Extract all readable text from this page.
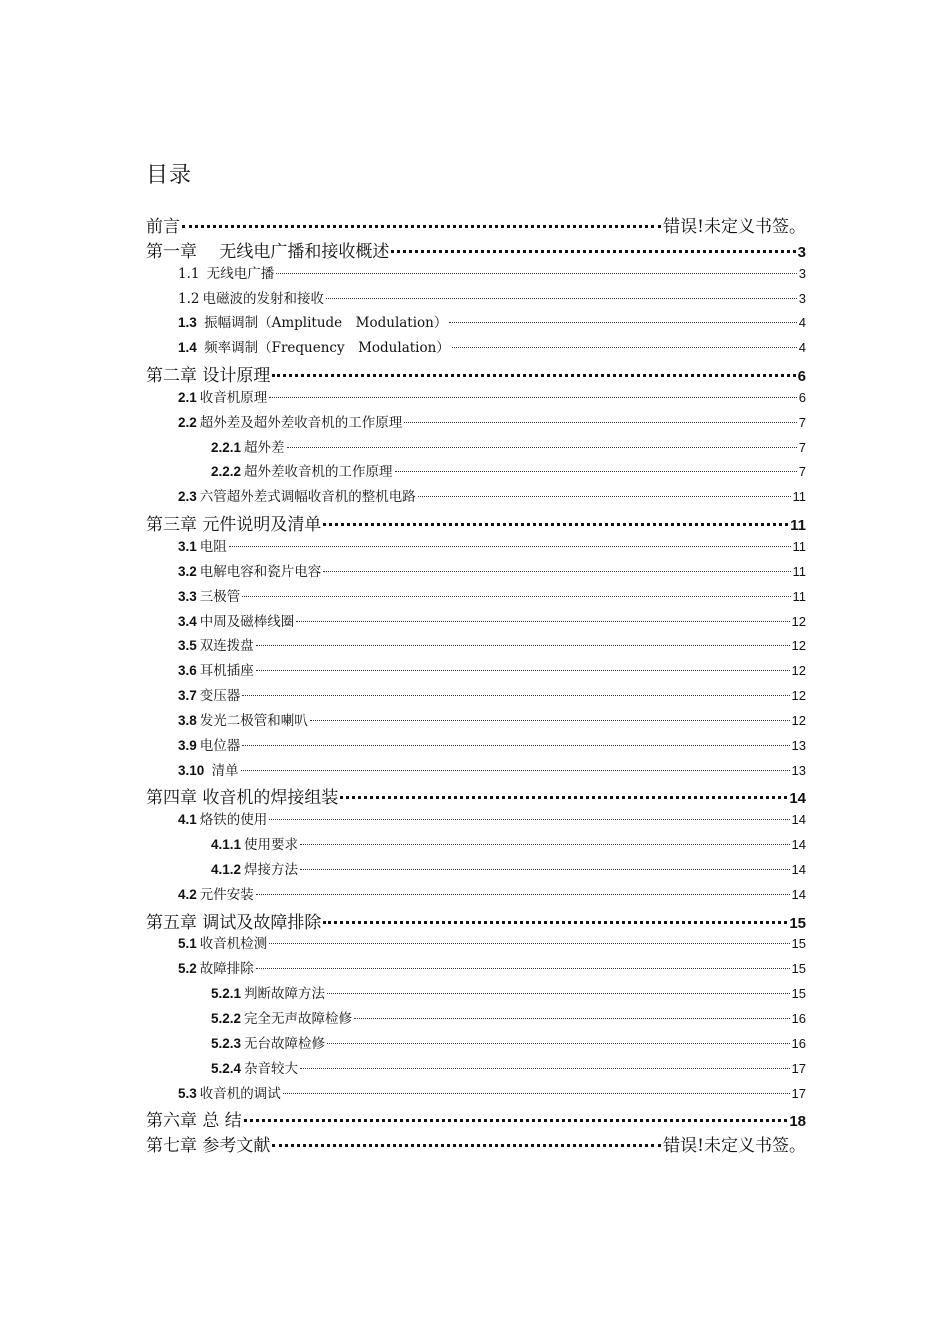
目录
前言	错误!未定义书签。
第一章　 无线电广播和接收概述	3
1.1 无线电广播	3
1.2 电磁波的发射和接收	3
1.3 振幅调制（Amplitude　Modulation）	4
1.4 频率调制（Frequency　Modulation）	4
第二章 设计原理	6
2.1 收音机原理	6
2.2 超外差及超外差收音机的工作原理	7
2.2.1 超外差	7
2.2.2 超外差收音机的工作原理	7
2.3 六管超外差式调幅收音机的整机电路	11
第三章 元件说明及清单	11
3.1 电阻	11
3.2 电解电容和瓷片电容	11
3.3 三极管	11
3.4 中周及磁棒线圈	12
3.5 双连拨盘	12
3.6 耳机插座	12
3.7 变压器	12
3.8 发光二极管和喇叭	12
3.9 电位器	13
3.10 清单	13
第四章 收音机的焊接组装	14
4.1 烙铁的使用	14
4.1.1 使用要求	14
4.1.2 焊接方法	14
4.2 元件安装	14
第五章 调试及故障排除	15
5.1 收音机检测	15
5.2 故障排除	15
5.2.1 判断故障方法	15
5.2.2 完全无声故障检修	16
5.2.3 无台故障检修	16
5.2.4 杂音较大	17
5.3 收音机的调试	17
第六章 总 结	18
第七章 参考文献	错误!未定义书签。
